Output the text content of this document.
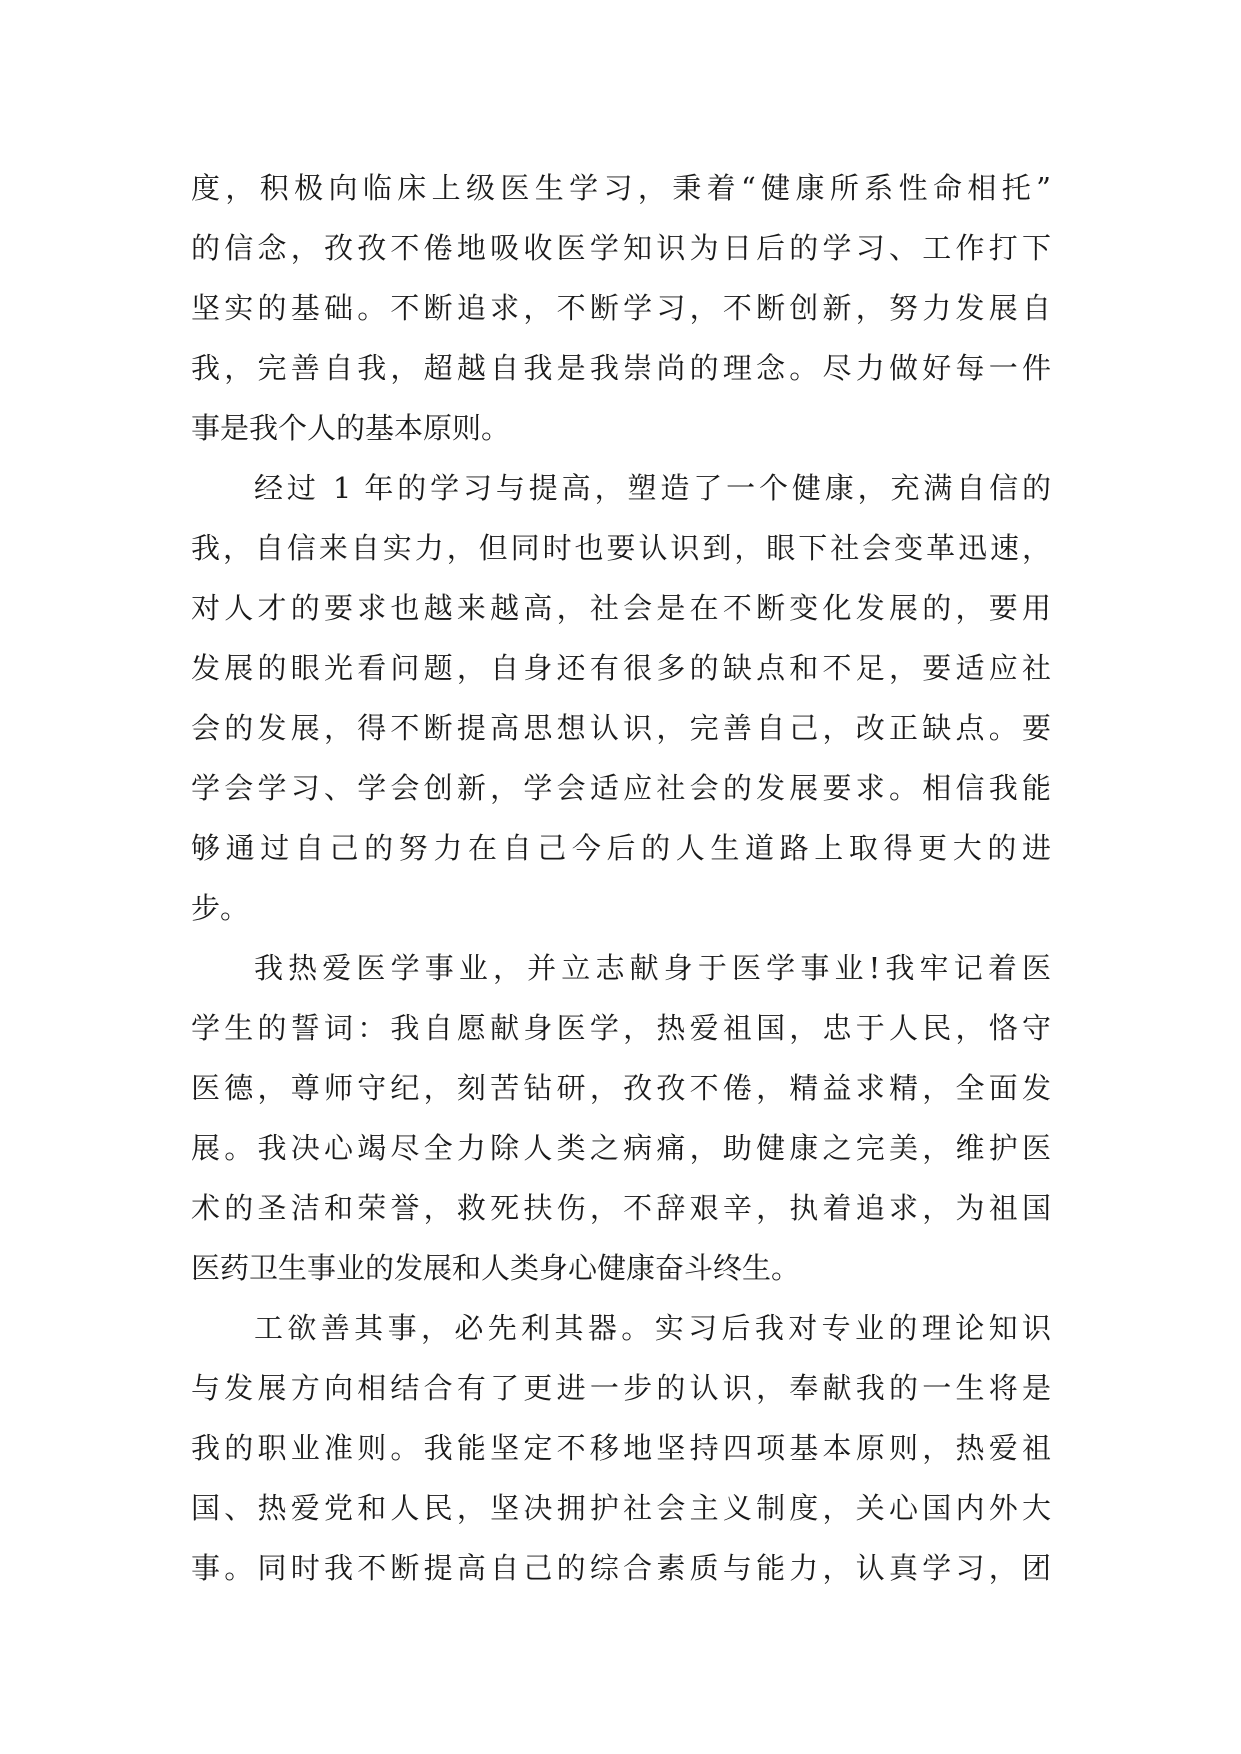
度，积极向临床上级医生学习，秉着“健康所系性命相托”
的信念，孜孜不倦地吸收医学知识为日后的学习、工作打下
坚实的基础。不断追求，不断学习，不断创新，努力发展自
我，完善自我，超越自我是我崇尚的理念。尽力做好每一件
事是我个人的基本原则。
经过 1 年的学习与提高，塑造了一个健康，充满自信的
我，自信来自实力，但同时也要认识到，眼下社会变革迅速，
对人才的要求也越来越高，社会是在不断变化发展的，要用
发展的眼光看问题，自身还有很多的缺点和不足，要适应社
会的发展，得不断提高思想认识，完善自己，改正缺点。要
学会学习、学会创新，学会适应社会的发展要求。相信我能
够通过自己的努力在自己今后的人生道路上取得更大的进
步。
我热爱医学事业，并立志献身于医学事业!我牢记着医
学生的誓词：我自愿献身医学，热爱祖国，忠于人民，恪守
医德，尊师守纪，刻苦钻研，孜孜不倦，精益求精，全面发
展。我决心竭尽全力除人类之病痛，助健康之完美，维护医
术的圣洁和荣誉，救死扶伤，不辞艰辛，执着追求，为祖国
医药卫生事业的发展和人类身心健康奋斗终生。
工欲善其事，必先利其器。实习后我对专业的理论知识
与发展方向相结合有了更进一步的认识，奉献我的一生将是
我的职业准则。我能坚定不移地坚持四项基本原则，热爱祖
国、热爱党和人民，坚决拥护社会主义制度，关心国内外大
事。同时我不断提高自己的综合素质与能力，认真学习，团
